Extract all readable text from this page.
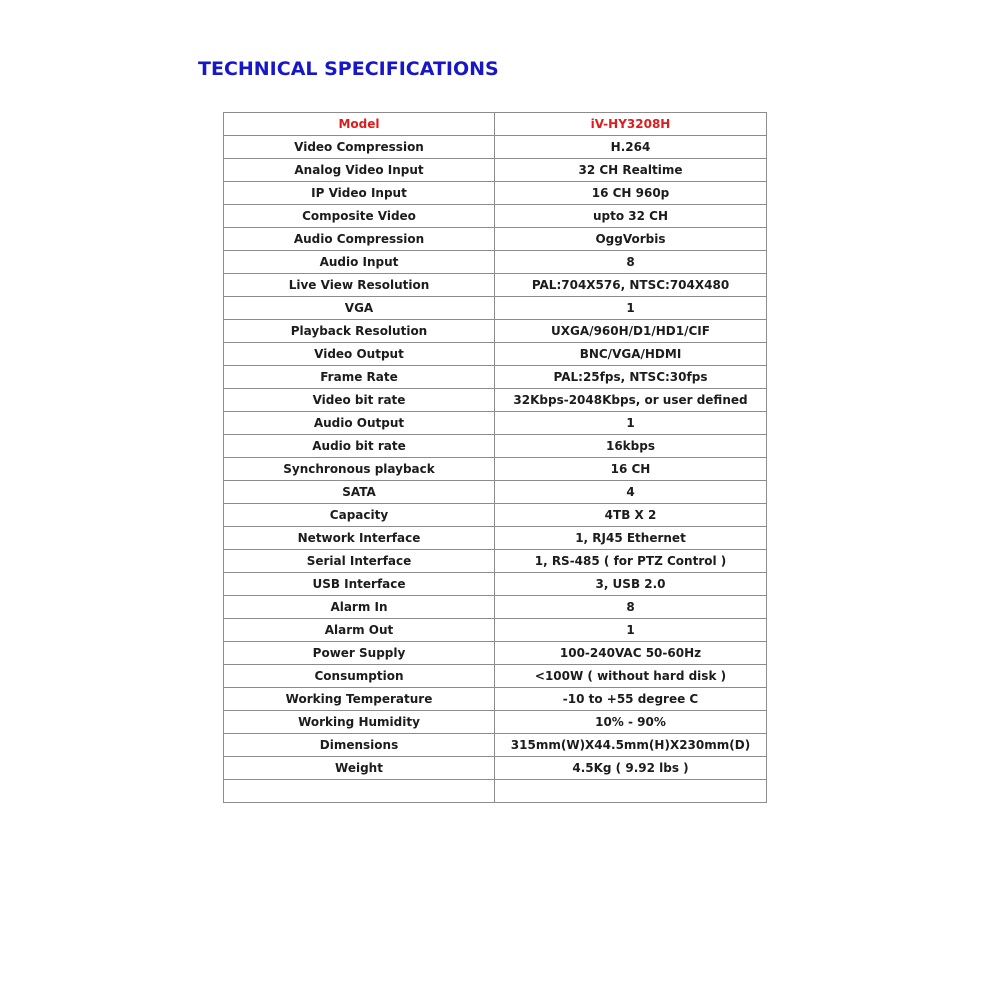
TECHNICAL SPECIFICATIONS
Model	iV-HY3208H
Video Compression	H.264
Analog Video Input	32 CH Realtime
IP Video Input	16 CH 960p
Composite Video	upto 32 CH
Audio Compression	OggVorbis
Audio Input	8
Live View Resolution	PAL:704X576, NTSC:704X480
VGA	1
Playback Resolution	UXGA/960H/D1/HD1/CIF
Video Output	BNC/VGA/HDMI
Frame Rate	PAL:25fps, NTSC:30fps
Video bit rate	32Kbps-2048Kbps, or user defined
Audio Output	1
Audio bit rate	16kbps
Synchronous playback	16 CH
SATA	4
Capacity	4TB X 2
Network Interface	1, RJ45 Ethernet
Serial Interface	1, RS-485 ( for PTZ Control )
USB Interface	3, USB 2.0
Alarm In	8
Alarm Out	1
Power Supply	100-240VAC 50-60Hz
Consumption	<100W ( without hard disk )
Working Temperature	-10 to +55 degree C
Working Humidity	10% - 90%
Dimensions	315mm(W)X44.5mm(H)X230mm(D)
Weight	4.5Kg ( 9.92 lbs )
